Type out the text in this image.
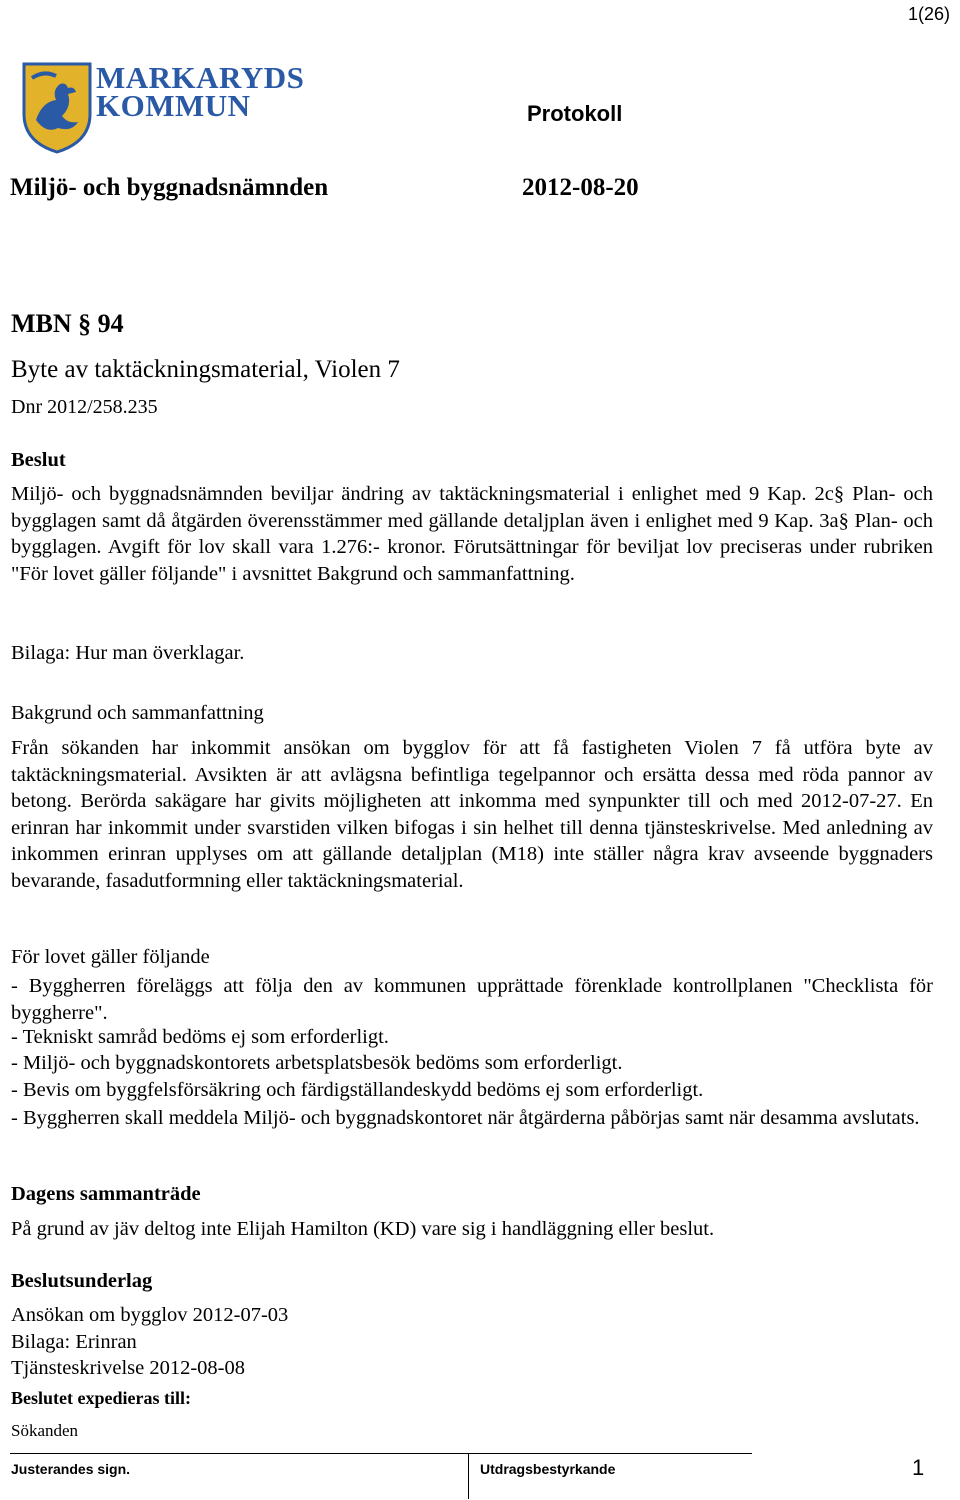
1(26)
MARKARYDS
KOMMUN	Protokoll
Miljö- och byggnadsnämnden	2012-08-20
MBN § 94
Byte av taktäckningsmaterial, Violen 7
Dnr 2012/258.235
Beslut

Miljö- och byggnadsnämnden beviljar ändring av taktäckningsmaterial i enlighet med 9 Kap. 2c§ Plan- och bygglagen samt då åtgärden överensstämmer med gällande detaljplan även i enlighet med 9 Kap. 3a§ Plan- och bygglagen. Avgift för lov skall vara 1.276:- kronor. Förutsättningar för beviljat lov preciseras under rubriken "För lovet gäller följande" i avsnittet Bakgrund och sammanfattning.

Bilaga: Hur man överklagar.
Bakgrund och sammanfattning

Från sökanden har inkommit ansökan om bygglov för att få fastigheten Violen 7 få utföra byte av taktäckningsmaterial. Avsikten är att avlägsna befintliga tegelpannor och ersätta dessa med röda pannor av betong. Berörda sakägare har givits möjligheten att inkomma med synpunkter till och med 2012-07-27. En erinran har inkommit under svarstiden vilken bifogas i sin helhet till denna tjänsteskrivelse. Med anledning av inkommen erinran upplyses om att gällande detaljplan (M18) inte ställer några krav avseende byggnaders bevarande, fasadutformning eller taktäckningsmaterial.

För lovet gäller följande

- Byggherren föreläggs att följa den av kommunen upprättade förenklade kontrollplanen "Checklista för byggherre".

- Tekniskt samråd bedöms ej som erforderligt.
- Miljö- och byggnadskontorets arbetsplatsbesök bedöms som erforderligt.
- Bevis om byggfelsförsäkring och färdigställandeskydd bedöms ej som erforderligt.

- Byggherren skall meddela Miljö- och byggnadskontoret när åtgärderna påbörjas samt när desamma avslutats.

Dagens sammanträde
På grund av jäv deltog inte Elijah Hamilton (KD) vare sig i handläggning eller beslut.
Beslutsunderlag
Ansökan om bygglov 2012-07-03
Bilaga: Erinran
Tjänsteskrivelse 2012-08-08
Beslutet expedieras till:
Sökanden
Justerandes sign.	Utdragsbestyrkande	1
